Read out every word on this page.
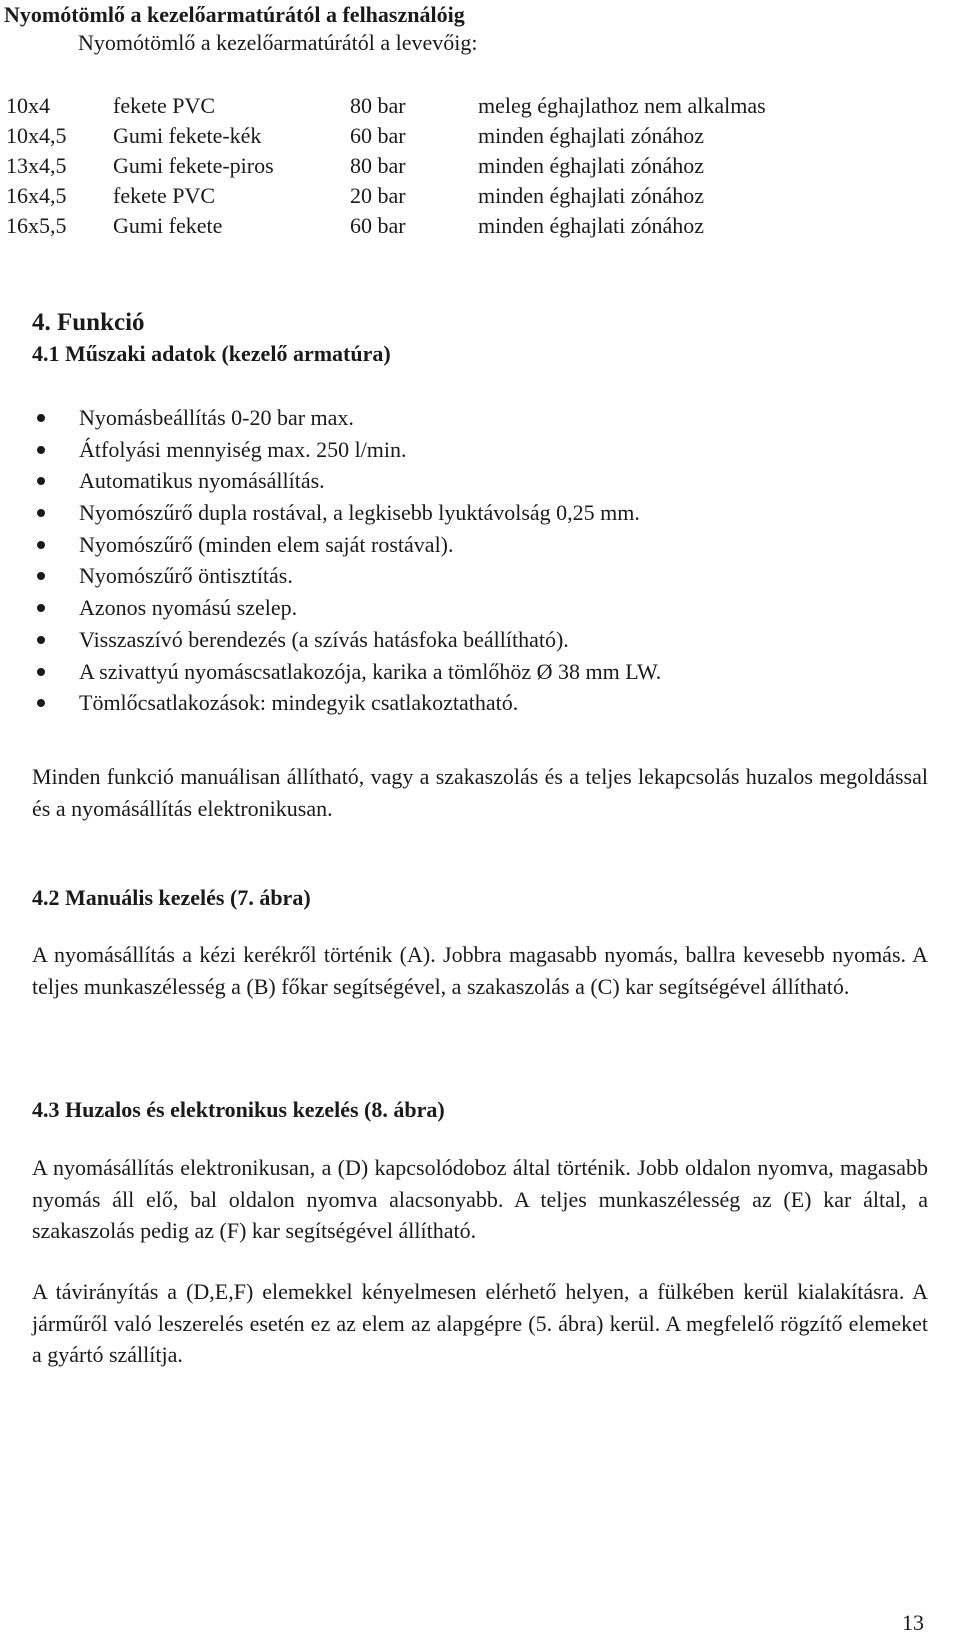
Nyomótömlő a kezelőarmatúrától a felhasználóig
Nyomótömlő a kezelőarmatúrától a levevőig:
10x4	fekete PVC	80 bar	meleg éghajlathoz nem alkalmas
10x4,5	Gumi fekete-kék	60 bar	minden éghajlati zónához
13x4,5	Gumi fekete-piros	80 bar	minden éghajlati zónához
16x4,5	fekete PVC	20 bar	minden éghajlati zónához
16x5,5	Gumi fekete	60 bar	minden éghajlati zónához
4. Funkció
4.1 Műszaki adatok (kezelő armatúra)
Nyomásbeállítás 0-20 bar max.
Átfolyási mennyiség max. 250 l/min.
Automatikus nyomásállítás.
Nyomószűrő dupla rostával, a legkisebb lyuktávolság 0,25 mm.
Nyomószűrő (minden elem saját rostával).
Nyomószűrő öntisztítás.
Azonos nyomású szelep.
Visszaszívó berendezés (a szívás hatásfoka beállítható).
A szivattyú nyomáscsatlakozója, karika a tömlőhöz Ø 38 mm LW.
Tömlőcsatlakozások: mindegyik csatlakoztatható.
Minden funkció manuálisan állítható, vagy a szakaszolás és a teljes lekapcsolás huzalos megoldással és a nyomásállítás elektronikusan.
4.2 Manuális kezelés (7. ábra)
A nyomásállítás a kézi kerékről történik (A). Jobbra magasabb nyomás, ballra kevesebb nyomás. A teljes munkaszélesség a (B) főkar segítségével, a szakaszolás a (C) kar segítségével állítható.
4.3 Huzalos és elektronikus kezelés (8. ábra)
A nyomásállítás elektronikusan, a (D) kapcsolódoboz által történik. Jobb oldalon nyomva, magasabb nyomás áll elő, bal oldalon nyomva alacsonyabb. A teljes munkaszélesség az (E) kar által, a szakaszolás pedig az (F) kar segítségével állítható.
A távirányítás a (D,E,F) elemekkel kényelmesen elérhető helyen, a fülkében kerül kialakításra. A járműről való leszerelés esetén ez az elem az alapgépre (5. ábra) kerül. A megfelelő rögzítő elemeket a gyártó szállítja.
13
